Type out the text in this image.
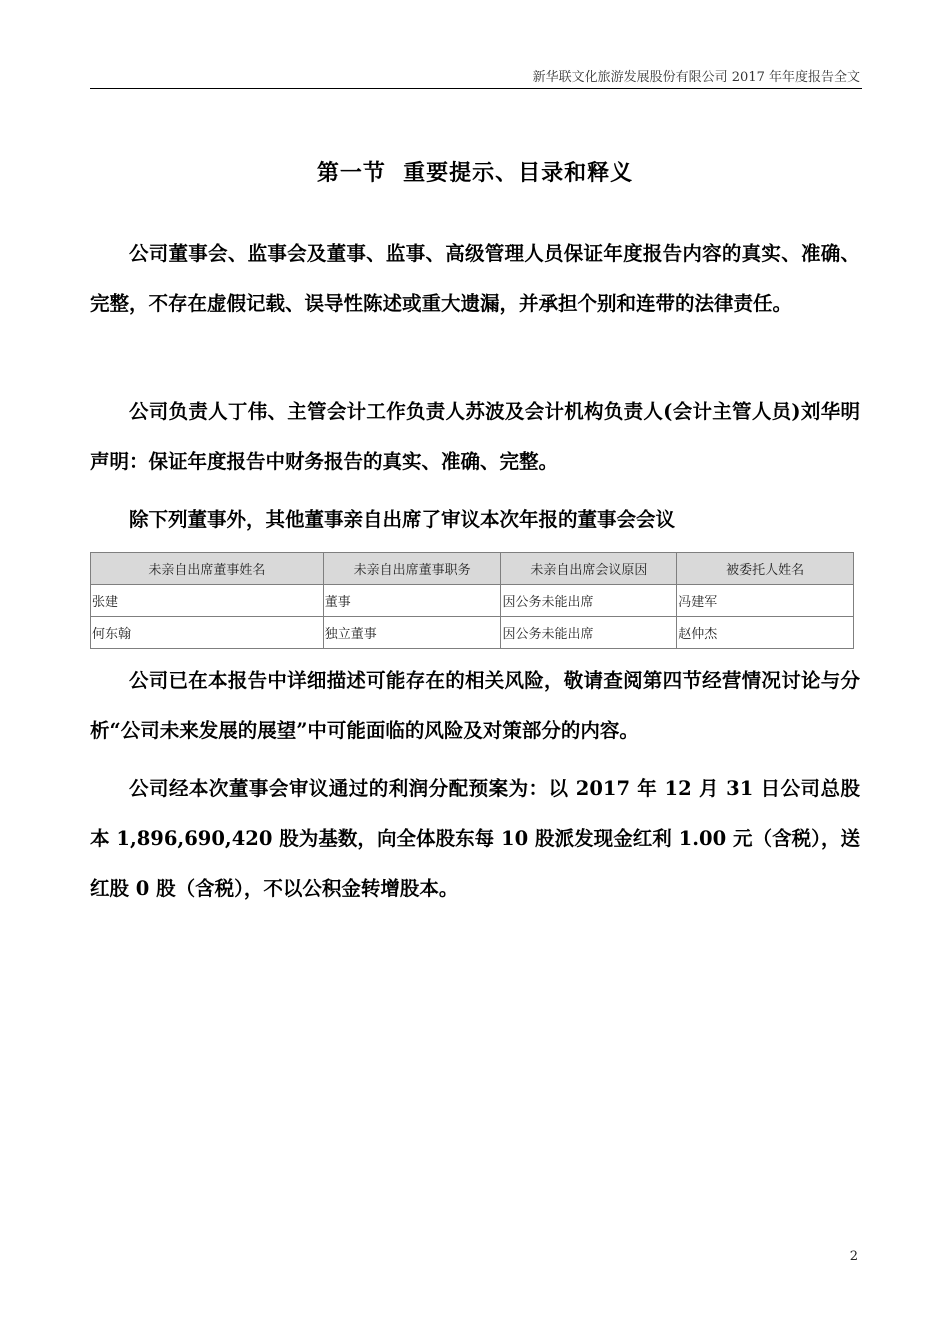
新华联文化旅游发展股份有限公司 2017 年年度报告全文
第一节  重要提示、目录和释义

公司董事会、监事会及董事、监事、高级管理人员保证年度报告内容的真实、准确、完整，不存在虚假记载、误导性陈述或重大遗漏，并承担个别和连带的法律责任。

公司负责人丁伟、主管会计工作负责人苏波及会计机构负责人(会计主管人员)刘华明声明：保证年度报告中财务报告的真实、准确、完整。

除下列董事外，其他董事亲自出席了审议本次年报的董事会会议

未亲自出席董事姓名	未亲自出席董事职务	未亲自出席会议原因	被委托人姓名
张建	董事	因公务未能出席	冯建军
何东翰	独立董事	因公务未能出席	赵仲杰

公司已在本报告中详细描述可能存在的相关风险，敬请查阅第四节经营情况讨论与分析“公司未来发展的展望”中可能面临的风险及对策部分的内容。

公司经本次董事会审议通过的利润分配预案为：以 2017 年 12 月 31 日公司总股本 1,896,690,420 股为基数，向全体股东每 10 股派发现金红利 1.00 元（含税），送红股 0 股（含税），不以公积金转增股本。

2
